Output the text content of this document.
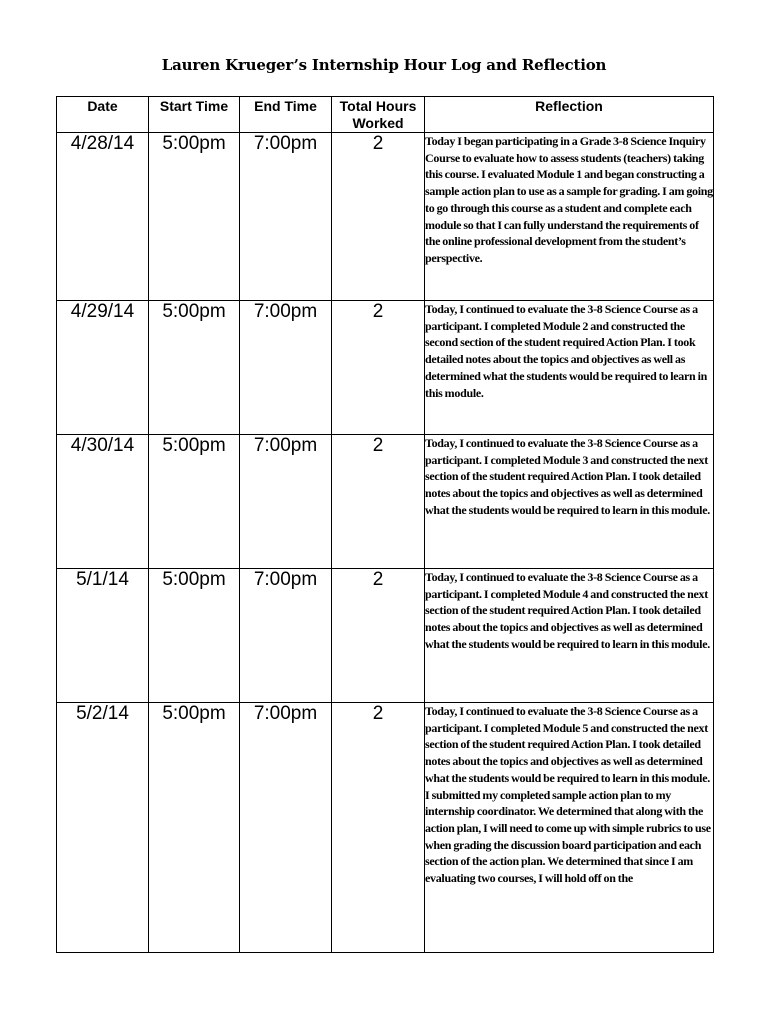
Lauren Krueger’s Internship Hour Log and Reflection
Date	Start Time	End Time	Total Hours Worked	Reflection
4/28/14	5:00pm	7:00pm	2	Today I began participating in a Grade 3-8 Science Inquiry Course to evaluate how to assess students (teachers) taking this course. I evaluated Module 1 and began constructing a sample action plan to use as a sample for grading. I am going to go through this course as a student and complete each module so that I can fully understand the requirements of the online professional development from the student’s perspective.
4/29/14	5:00pm	7:00pm	2	Today, I continued to evaluate the 3-8 Science Course as a participant. I completed Module 2 and constructed the second section of the student required Action Plan. I took detailed notes about the topics and objectives as well as determined what the students would be required to learn in this module.
4/30/14	5:00pm	7:00pm	2	Today, I continued to evaluate the 3-8 Science Course as a participant. I completed Module 3 and constructed the next section of the student required Action Plan. I took detailed notes about the topics and objectives as well as determined what the students would be required to learn in this module.
5/1/14	5:00pm	7:00pm	2	Today, I continued to evaluate the 3-8 Science Course as a participant. I completed Module 4 and constructed the next section of the student required Action Plan. I took detailed notes about the topics and objectives as well as determined what the students would be required to learn in this module.
5/2/14	5:00pm	7:00pm	2	Today, I continued to evaluate the 3-8 Science Course as a participant. I completed Module 5 and constructed the next section of the student required Action Plan. I took detailed notes about the topics and objectives as well as determined what the students would be required to learn in this module. I submitted my completed sample action plan to my internship coordinator. We determined that along with the action plan, I will need to come up with simple rubrics to use when grading the discussion board participation and each section of the action plan. We determined that since I am evaluating two courses, I will hold off on the
